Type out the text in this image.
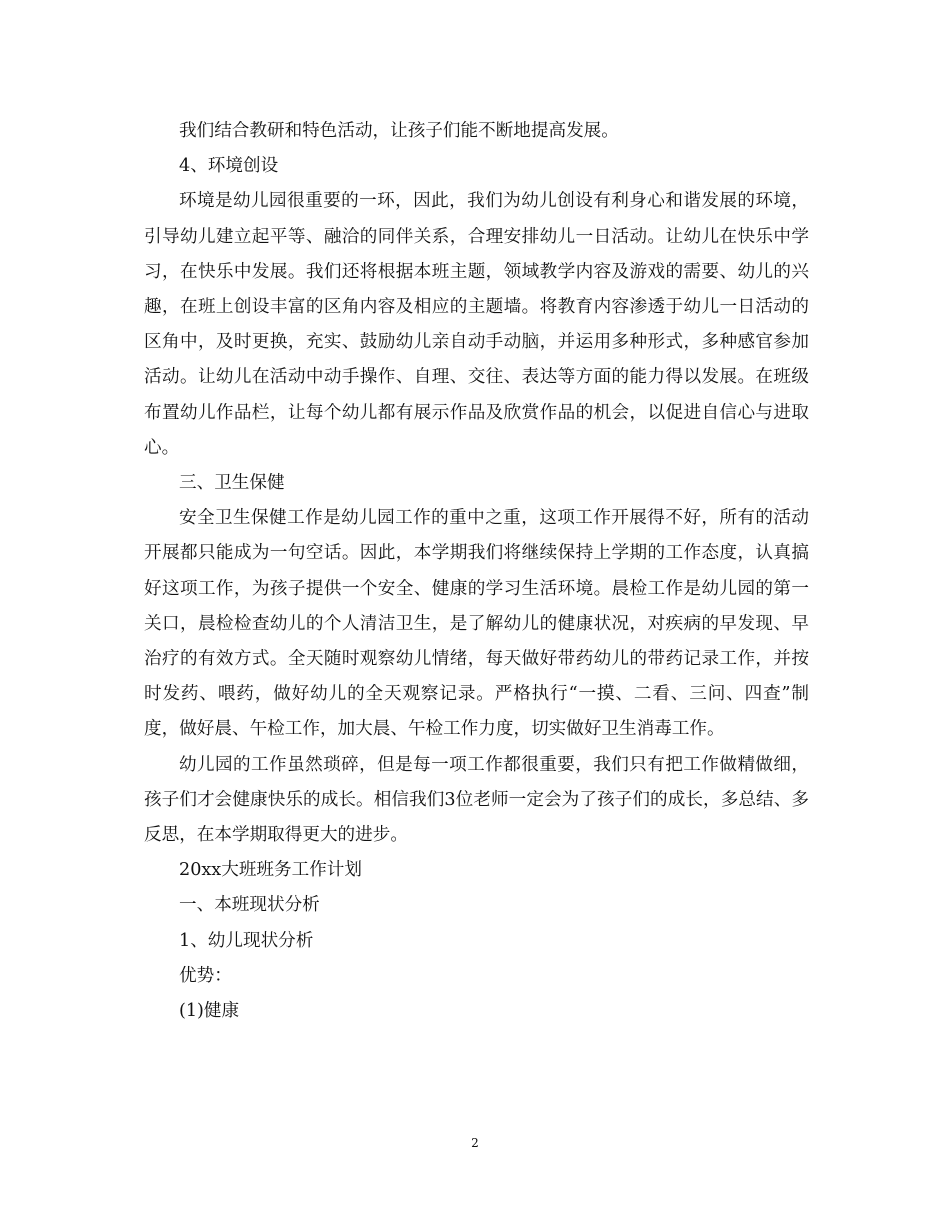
我们结合教研和特色活动，让孩子们能不断地提高发展。

4、环境创设

环境是幼儿园很重要的一环，因此，我们为幼儿创设有利身心和谐发展的环境，引导幼儿建立起平等、融洽的同伴关系，合理安排幼儿一日活动。让幼儿在快乐中学习，在快乐中发展。我们还将根据本班主题，领域教学内容及游戏的需要、幼儿的兴趣，在班上创设丰富的区角内容及相应的主题墙。将教育内容渗透于幼儿一日活动的区角中，及时更换，充实、鼓励幼儿亲自动手动脑，并运用多种形式，多种感官参加活动。让幼儿在活动中动手操作、自理、交往、表达等方面的能力得以发展。在班级布置幼儿作品栏，让每个幼儿都有展示作品及欣赏作品的机会，以促进自信心与进取心。

三、卫生保健

安全卫生保健工作是幼儿园工作的重中之重，这项工作开展得不好，所有的活动开展都只能成为一句空话。因此，本学期我们将继续保持上学期的工作态度，认真搞好这项工作，为孩子提供一个安全、健康的学习生活环境。晨检工作是幼儿园的第一关口，晨检检查幼儿的个人清洁卫生，是了解幼儿的健康状况，对疾病的早发现、早治疗的有效方式。全天随时观察幼儿情绪，每天做好带药幼儿的带药记录工作，并按时发药、喂药，做好幼儿的全天观察记录。严格执行“一摸、二看、三问、四查”制度，做好晨、午检工作，加大晨、午检工作力度，切实做好卫生消毒工作。

幼儿园的工作虽然琐碎，但是每一项工作都很重要，我们只有把工作做精做细，孩子们才会健康快乐的成长。相信我们3位老师一定会为了孩子们的成长，多总结、多反思，在本学期取得更大的进步。

20xx大班班务工作计划

一、本班现状分析

1、幼儿现状分析

优势：

(1)健康

2
